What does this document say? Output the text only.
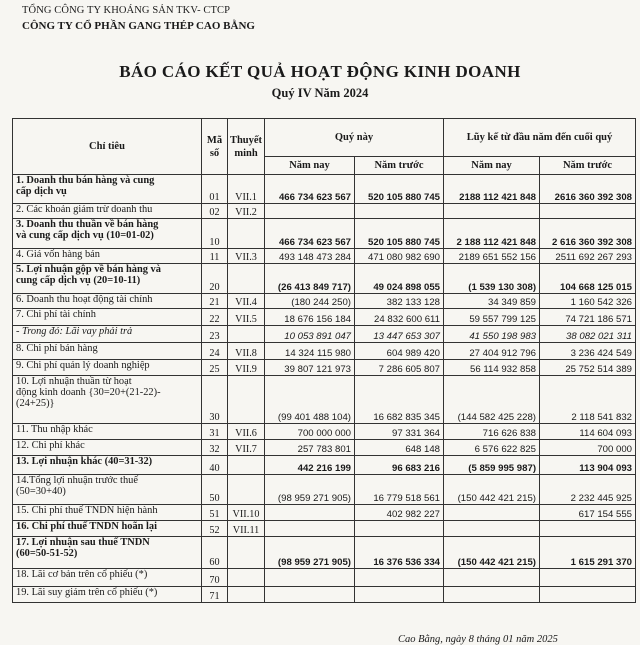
TỔNG CÔNG TY KHOÁNG SẢN TKV- CTCP
CÔNG TY CỔ PHẦN GANG THÉP CAO BẰNG
BÁO CÁO KẾT QUẢ HOẠT ĐỘNG KINH DOANH
Quý IV Năm 2024
Chỉ tiêu	Mã số	Thuyết minh	Quý này		Lũy kế từ đầu năm đến cuối quý	
			Năm nay	Năm trước	Năm nay	Năm trước

1. Doanh thu bán hàng và cung
cấp dịch vụ	01	VII.1	466 734 623 567	520 105 880 745	2188 112 421 848	2616 360 392 308

2. Các khoản giảm trừ doanh thu	02	VII.2				

3. Doanh thu thuần về bán hàng
và cung cấp dịch vụ (10=01-02)	10		466 734 623 567	520 105 880 745	2 188 112 421 848	2 616 360 392 308

4. Giá vốn hàng bán	11	VII.3	493 148 473 284	471 080 982 690	2189 651 552 156	2511 692 267 293

5. Lợi nhuận gộp về bán hàng và
cung cấp dịch vụ (20=10-11)	20		(26 413 849 717)	49 024 898 055	(1 539 130 308)	104 668 125 015

6. Doanh thu hoạt động tài chính	21	VII.4	(180 244 250)	382 133 128	34 349 859	1 160 542 326

7. Chi phí tài chính	22	VII.5	18 676 156 184	24 832 600 611	59 557 799 125	74 721 186 571

- Trong đó: Lãi vay phải trả	23		10 053 891 047	13 447 653 307	41 550 198 983	38 082 021 311

8. Chi phí bán hàng	24	VII.8	14 324 115 980	604 989 420	27 404 912 796	3 236 424 549

9. Chi phí quản lý doanh nghiệp	25	VII.9	39 807 121 973	7 286 605 807	56 114 932 858	25 752 514 389

10. Lợi nhuận thuần từ hoạt
động kinh doanh {30=20+(21-22)-
(24+25)}	30		(99 401 488 104)	16 682 835 345	(144 582 425 228)	2 118 541 832

11. Thu nhập khác	31	VII.6	700 000 000	97 331 364	716 626 838	114 604 093

12. Chi phí khác	32	VII.7	257 783 801	648 148	6 576 622 825	700 000

13. Lợi nhuận khác (40=31-32)	40		442 216 199	96 683 216	(5 859 995 987)	113 904 093

14.Tổng lợi nhuận trước thuế
(50=30+40)	50		(98 959 271 905)	16 779 518 561	(150 442 421 215)	2 232 445 925

15. Chi phí thuế TNDN hiện hành	51	VII.10		402 982 227		617 154 555

16. Chi phí thuế TNDN hoãn lại	52	VII.11				

17. Lợi nhuận sau thuế TNDN
(60=50-51-52)	60		(98 959 271 905)	16 376 536 334	(150 442 421 215)	1 615 291 370

18. Lãi cơ bản trên cổ phiếu (*)	70					

19. Lãi suy giảm trên cổ phiếu (*)	71					
Cao Bằng, ngày 8 tháng 01 năm 2025
